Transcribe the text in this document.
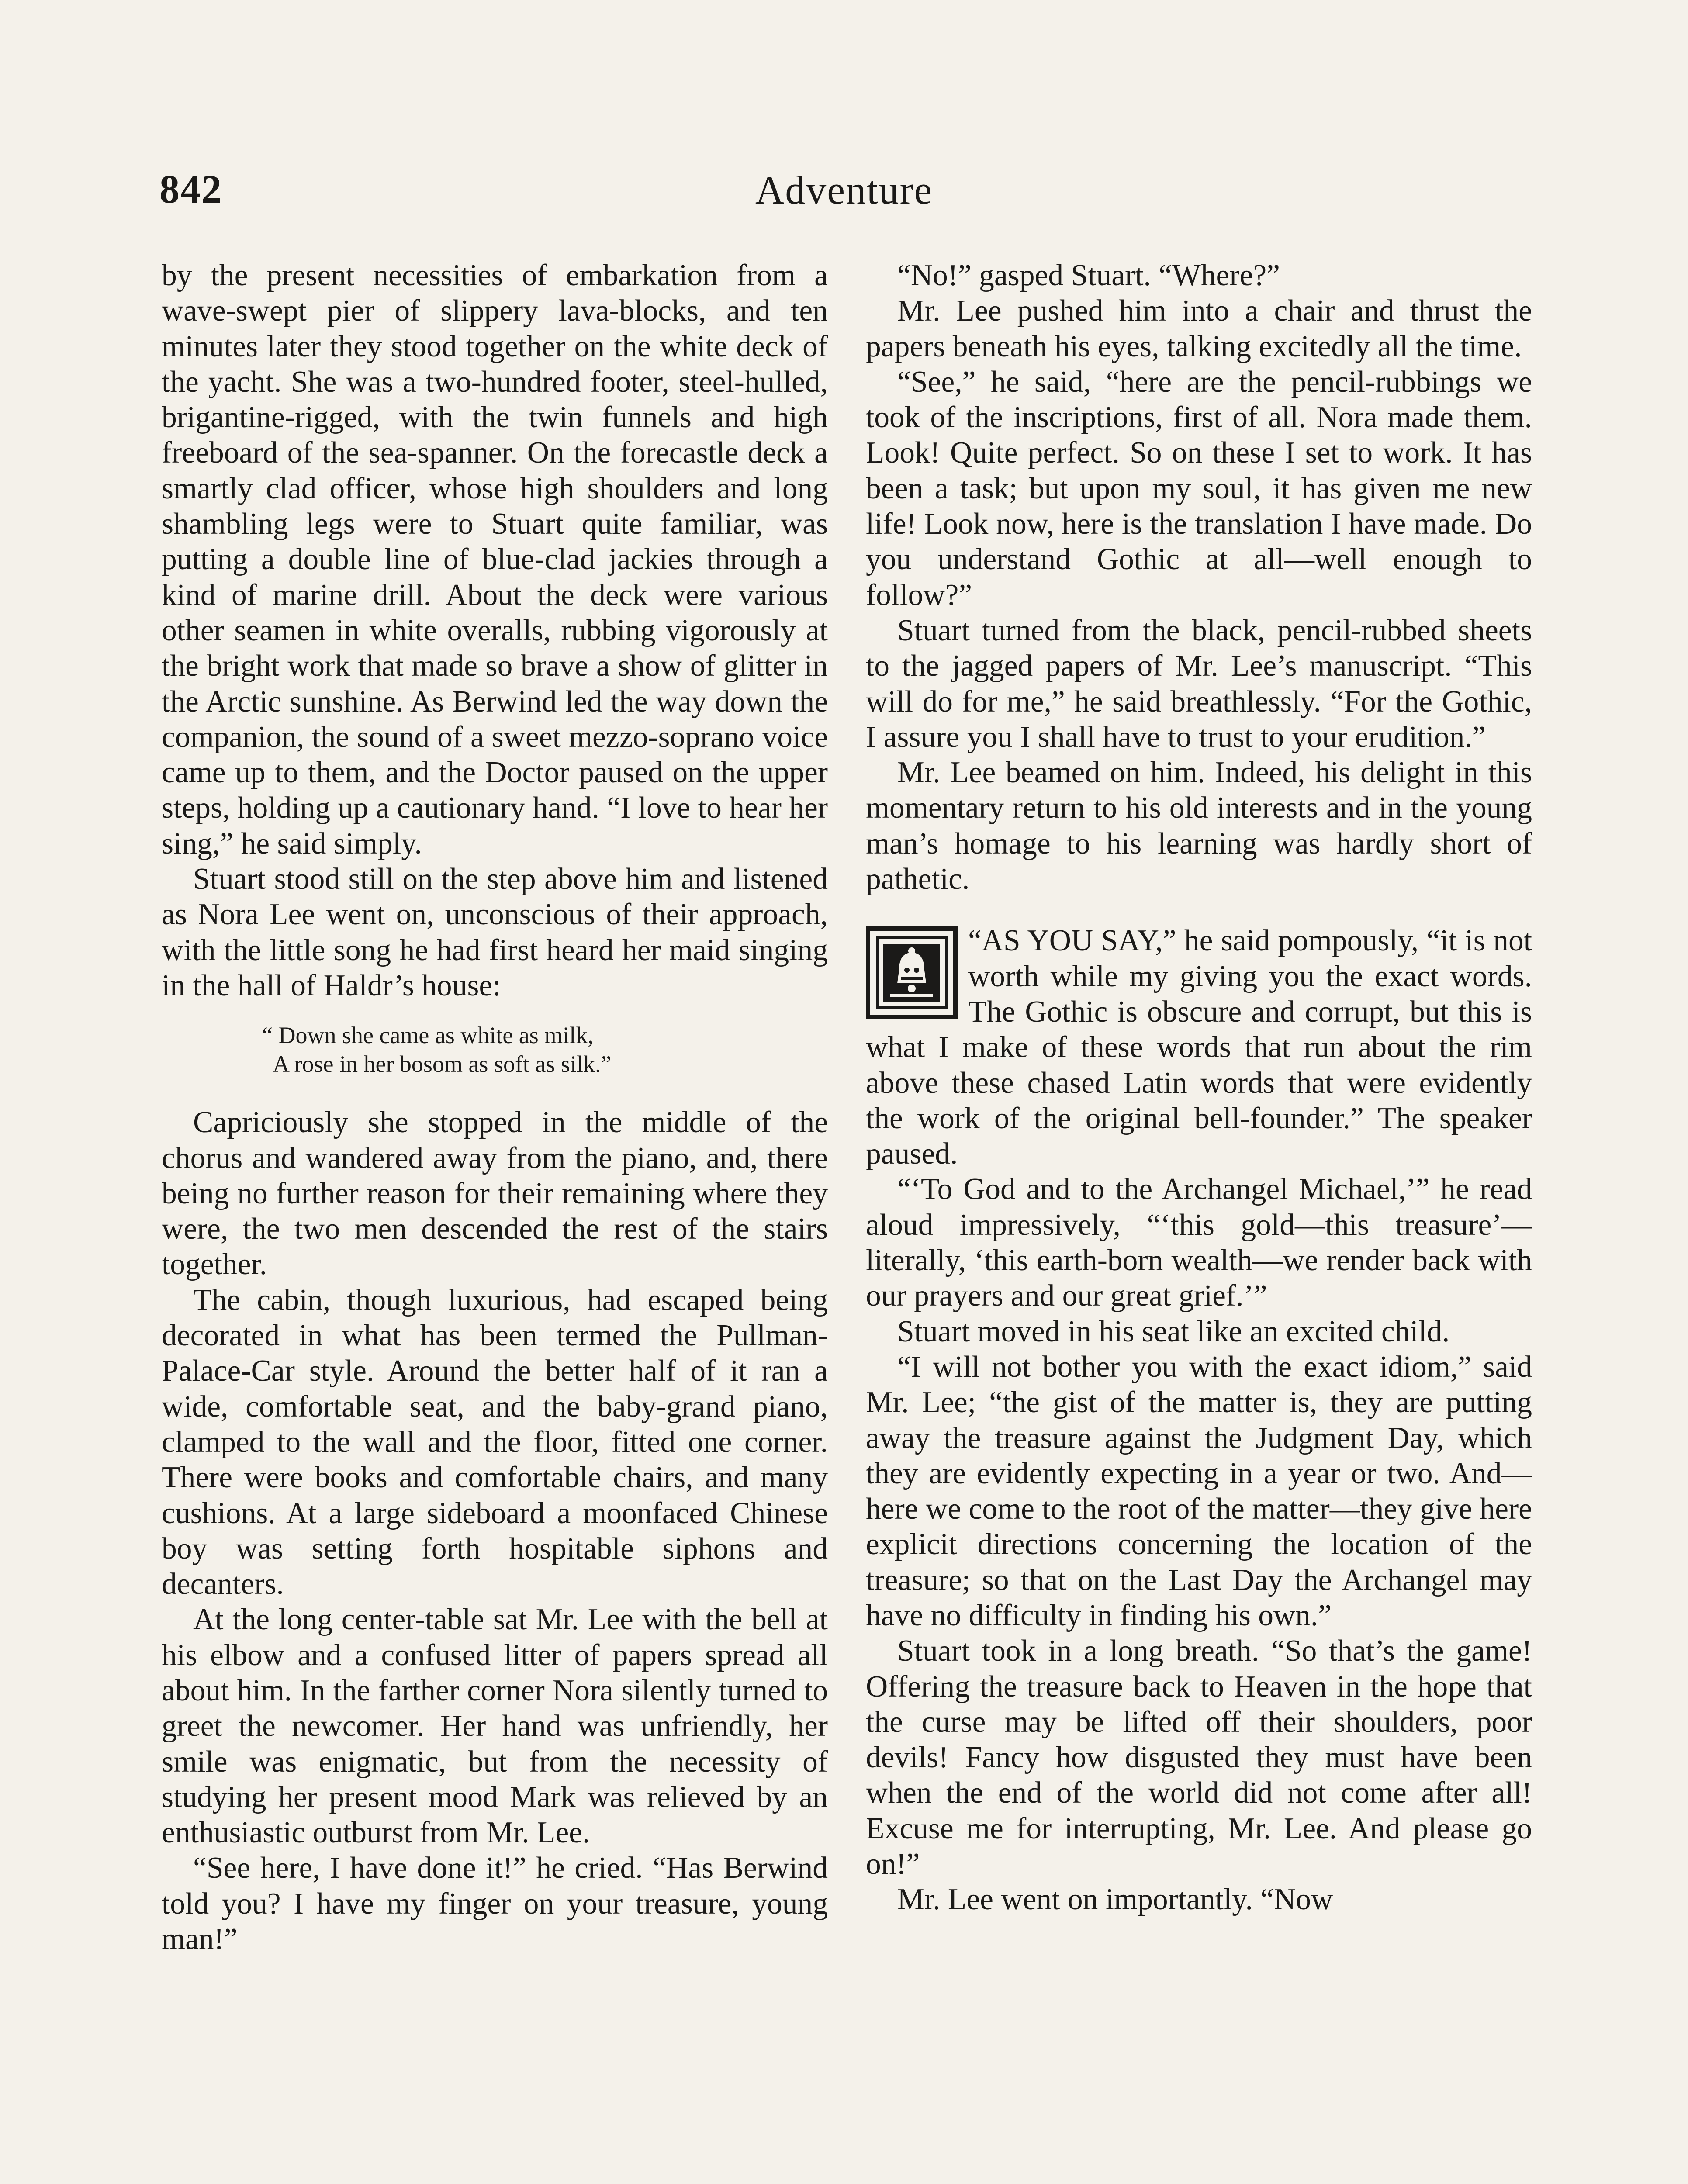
842	Adventure

by the present necessities of embarkation from a wave-swept pier of slippery lava-blocks, and ten minutes later they stood together on the white deck of the yacht. She was a two-hundred footer, steel-hulled, brigantine-rigged, with the twin funnels and high freeboard of the sea-spanner. On the forecastle deck a smartly clad officer, whose high shoulders and long shambling legs were to Stuart quite familiar, was putting a double line of blue-clad jackies through a kind of marine drill. About the deck were various other seamen in white overalls, rubbing vigorously at the bright work that made so brave a show of glitter in the Arctic sunshine. As Berwind led the way down the companion, the sound of a sweet mezzo-soprano voice came up to them, and the Doctor paused on the upper steps, holding up a cautionary hand. “I love to hear her sing,” he said simply.

Stuart stood still on the step above him and listened as Nora Lee went on, unconscious of their approach, with the little song he had first heard her maid singing in the hall of Haldr’s house:

“ Down she came as white as milk,
A rose in her bosom as soft as silk.”

Capriciously she stopped in the middle of the chorus and wandered away from the piano, and, there being no further reason for their remaining where they were, the two men descended the rest of the stairs together.

The cabin, though luxurious, had escaped being decorated in what has been termed the Pullman-Palace-Car style. Around the better half of it ran a wide, comfortable seat, and the baby-grand piano, clamped to the wall and the floor, fitted one corner. There were books and comfortable chairs, and many cushions. At a large sideboard a moonfaced Chinese boy was setting forth hospitable siphons and decanters.

At the long center-table sat Mr. Lee with the bell at his elbow and a confused litter of papers spread all about him. In the farther corner Nora silently turned to greet the newcomer. Her hand was unfriendly, her smile was enigmatic, but from the necessity of studying her present mood Mark was relieved by an enthusiastic outburst from Mr. Lee.

“See here, I have done it!” he cried. “Has Berwind told you? I have my finger on your treasure, young man!”

“No!” gasped Stuart. “Where?”

Mr. Lee pushed him into a chair and thrust the papers beneath his eyes, talking excitedly all the time.

“See,” he said, “here are the pencil-rubbings we took of the inscriptions, first of all. Nora made them. Look! Quite perfect. So on these I set to work. It has been a task; but upon my soul, it has given me new life! Look now, here is the translation I have made. Do you understand Gothic at all—well enough to follow?”

Stuart turned from the black, pencil-rubbed sheets to the jagged papers of Mr. Lee’s manuscript. “This will do for me,” he said breathlessly. “For the Gothic, I assure you I shall have to trust to your erudition.”

Mr. Lee beamed on him. Indeed, his delight in this momentary return to his old interests and in the young man’s homage to his learning was hardly short of pathetic.

“AS YOU SAY,” he said pompously, “it is not worth while my giving you the exact words. The Gothic is obscure and corrupt, but this is what I make of these words that run about the rim above these chased Latin words that were evidently the work of the original bell-founder.” The speaker paused.

“‘To God and to the Archangel Michael,’” he read aloud impressively, “‘this gold—this treasure’—literally, ‘this earth-born wealth—we render back with our prayers and our great grief.’”

Stuart moved in his seat like an excited child.

“I will not bother you with the exact idiom,” said Mr. Lee; “the gist of the matter is, they are putting away the treasure against the Judgment Day, which they are evidently expecting in a year or two. And—here we come to the root of the matter—they give here explicit directions concerning the location of the treasure; so that on the Last Day the Archangel may have no difficulty in finding his own.”

Stuart took in a long breath. “So that’s the game! Offering the treasure back to Heaven in the hope that the curse may be lifted off their shoulders, poor devils! Fancy how disgusted they must have been when the end of the world did not come after all! Excuse me for interrupting, Mr. Lee. And please go on!”

Mr. Lee went on importantly. “Now
